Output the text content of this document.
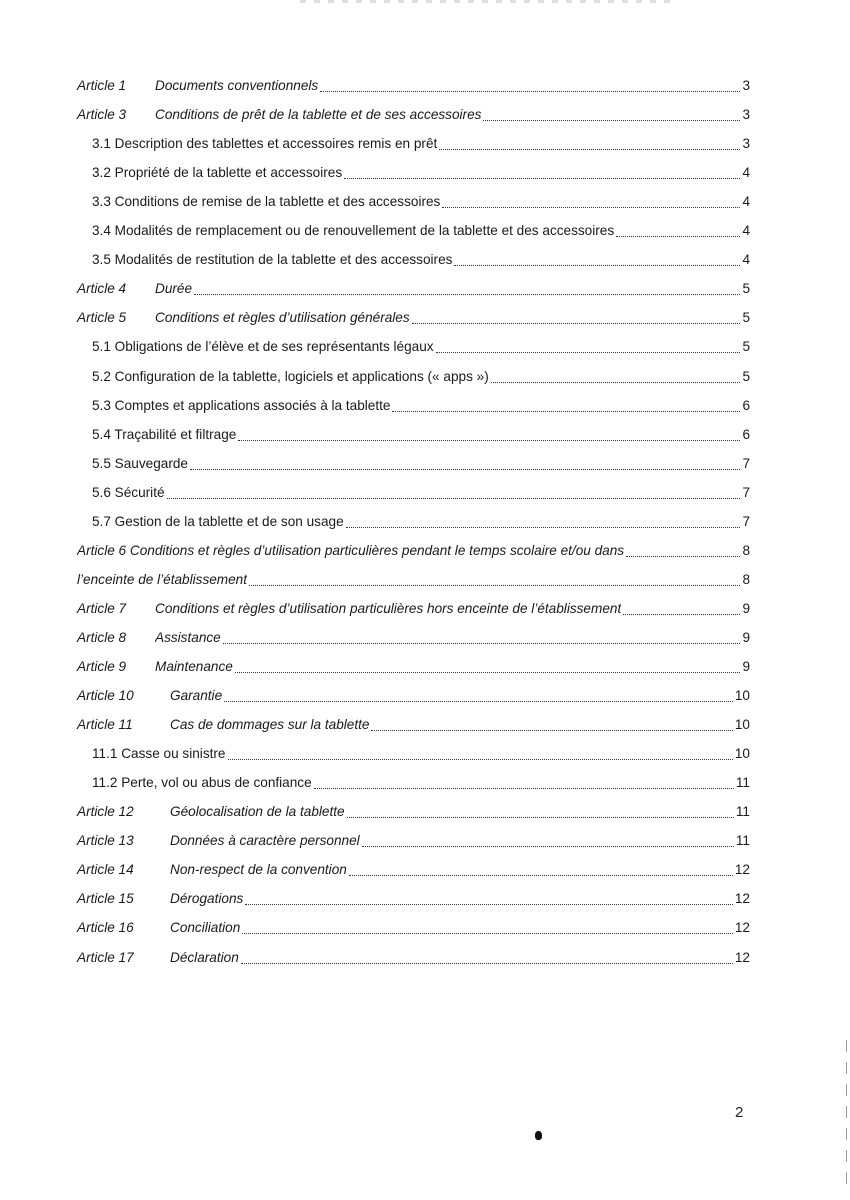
Article 1	Documents conventionnels	3
Article 3	Conditions de prêt de la tablette et de ses accessoires	3
3.1 Description des tablettes et accessoires remis en prêt	3
3.2 Propriété de la tablette et accessoires	4
3.3 Conditions de remise de la tablette et des accessoires	4
3.4 Modalités de remplacement ou de renouvellement de la tablette et des accessoires	4
3.5 Modalités de restitution de la tablette et des accessoires	4
Article 4	Durée	5
Article 5	Conditions et règles d’utilisation générales	5
5.1 Obligations de l’élève et de ses représentants légaux	5
5.2 Configuration de la tablette, logiciels et applications (« apps »)	5
5.3 Comptes et applications associés à la tablette	6
5.4 Traçabilité et filtrage	6
5.5 Sauvegarde	7
5.6 Sécurité	7
5.7 Gestion de la tablette et de son usage	7
Article 6 Conditions et règles d’utilisation particulières pendant le temps scolaire et/ou dans	8
l’enceinte de l’établissement	8
Article 7	Conditions et règles d’utilisation particulières hors enceinte de l’établissement	9
Article 8	Assistance	9
Article 9	Maintenance	9
Article 10	Garantie	10
Article 11	Cas de dommages sur la tablette	10
11.1 Casse ou sinistre	10
11.2 Perte, vol ou abus de confiance	11
Article 12	Géolocalisation de la tablette	11
Article 13	Données à caractère personnel	11
Article 14	Non-respect de la convention	12
Article 15	Dérogations	12
Article 16	Conciliation	12
Article 17	Déclaration	12
2
